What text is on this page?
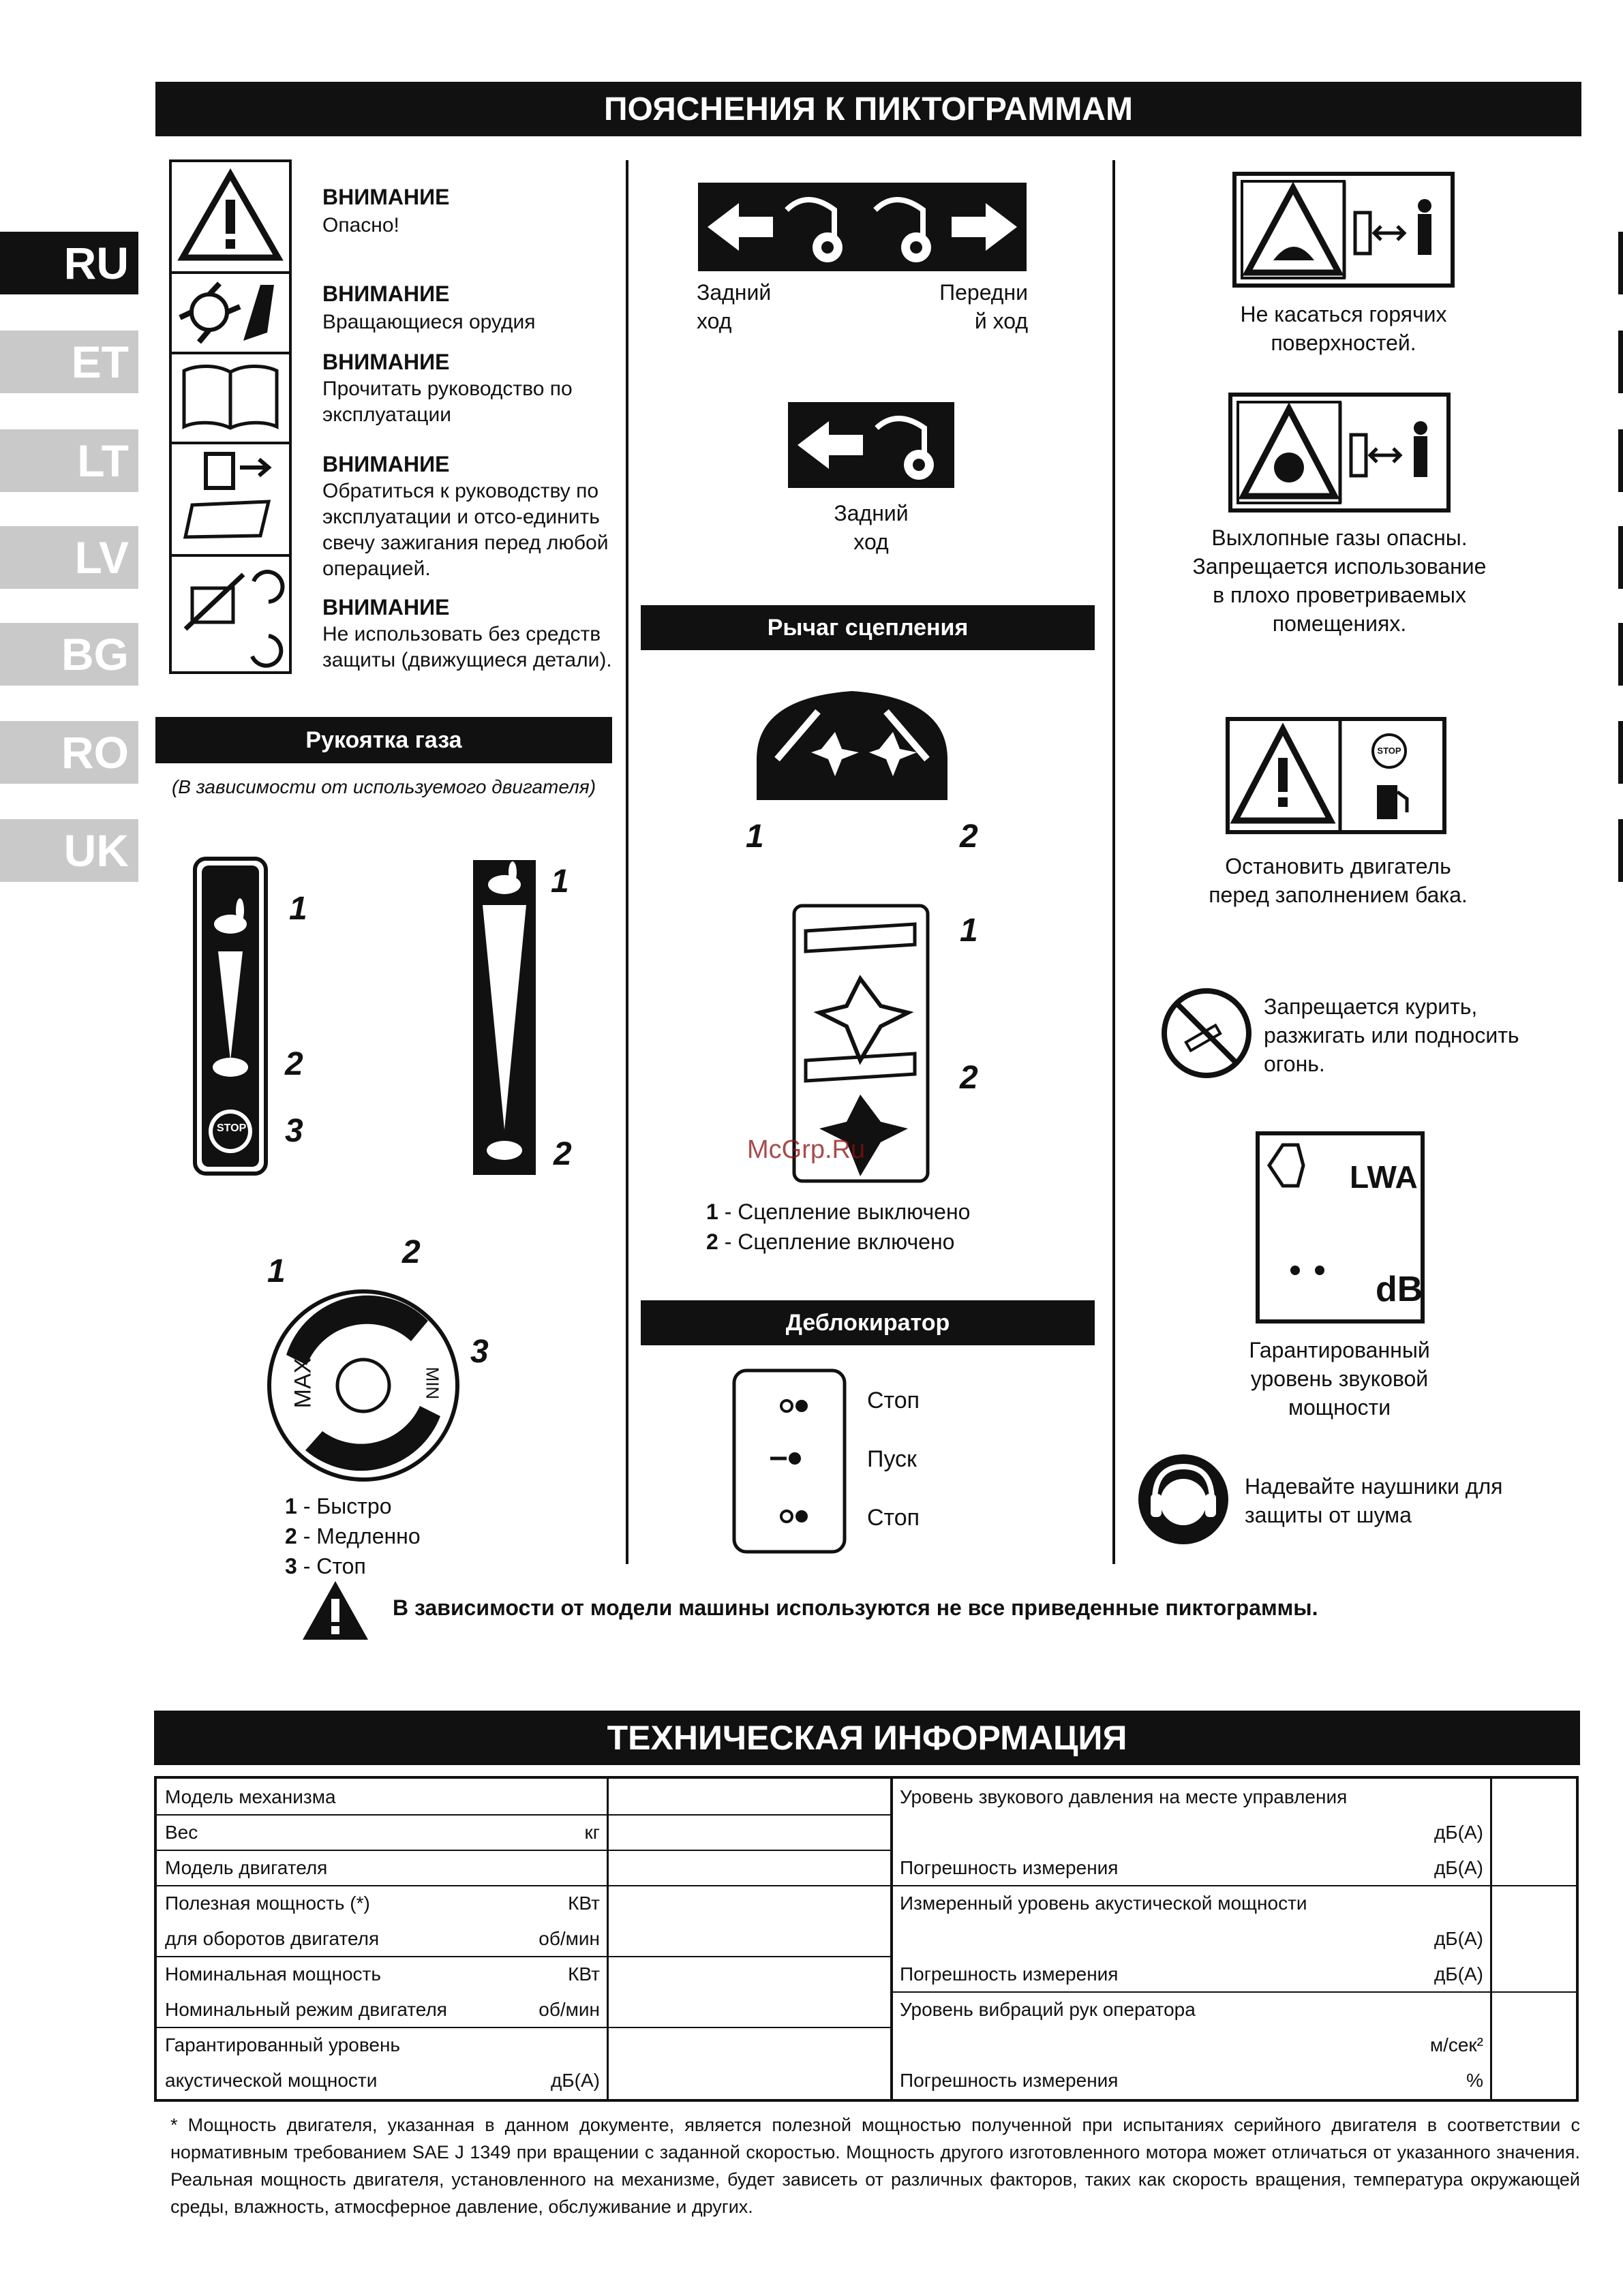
ПОЯСНЕНИЯ К ПИКТОГРАММАМ
RU
ET
LT
LV
BG
RO
UK
ВНИМАНИЕ
Опасно!
ВНИМАНИЕ
Вращающиеся орудия
ВНИМАНИЕ
Прочитать руководство по эксплуатации
ВНИМАНИЕ
Обратиться к руководству по эксплуатации и отсо-единить свечу зажигания перед любой операцией.
ВНИМАНИЕ
Не использовать без средств защиты (движущиеся детали).
Рукоятка газа
(В зависимости от используемого двигателя)
STOP
1
2
3
1
2
MAX	MIN
1
2
3
1 - Быстро
2 - Медленно
3 - Стоп
Задний
ход
Передни
й ход
Задний
ход
Рычаг сцепления
1	2
1
2
McGrp.Ru
1 - Сцепление выключено
2 - Сцепление включено
Деблокиратор
Стоп
Пуск
Стоп
Не касаться горячих поверхностей.
Выхлопные газы опасны. Запрещается использование в плохо проветриваемых помещениях.
STOP
Остановить двигатель перед заполнением бака.
Запрещается курить, разжигать или подносить огонь.
LWA
dB
Гарантированный уровень звуковой мощности
Надевайте наушники для защиты от шума
В зависимости от модели машины используются не все приведенные пиктограммы.
ТЕХНИЧЕСКАЯ ИНФОРМАЦИЯ
Модель механизма
Вес	кг
Модель двигателя
Полезная мощность (*)	КВт
для оборотов двигателя	об/мин
Номинальная мощность	КВт
Номинальный режим двигателя	об/мин
Гарантированный уровень
акустической мощности	дБ(A)
Уровень звукового давления на месте управления
дБ(A)
Погрешность измерения	дБ(A)
Измеренный уровень акустической мощности
дБ(A)
Погрешность измерения	дБ(A)
Уровень вибраций рук оператора
м/сек²
Погрешность измерения	%
* Мощность двигателя, указанная в данном документе, является полезной мощностью полученной при испытаниях серийного двигателя в соответствии с нормативным требованием SAE J 1349 при вращении с заданной скоростью. Мощность другого изготовленного мотора может отличаться от указанного значения. Реальная мощность двигателя, установленного на механизме, будет зависеть от различных факторов, таких как скорость вращения, температура окружающей среды, влажность, атмосферное давление, обслуживание и других.
